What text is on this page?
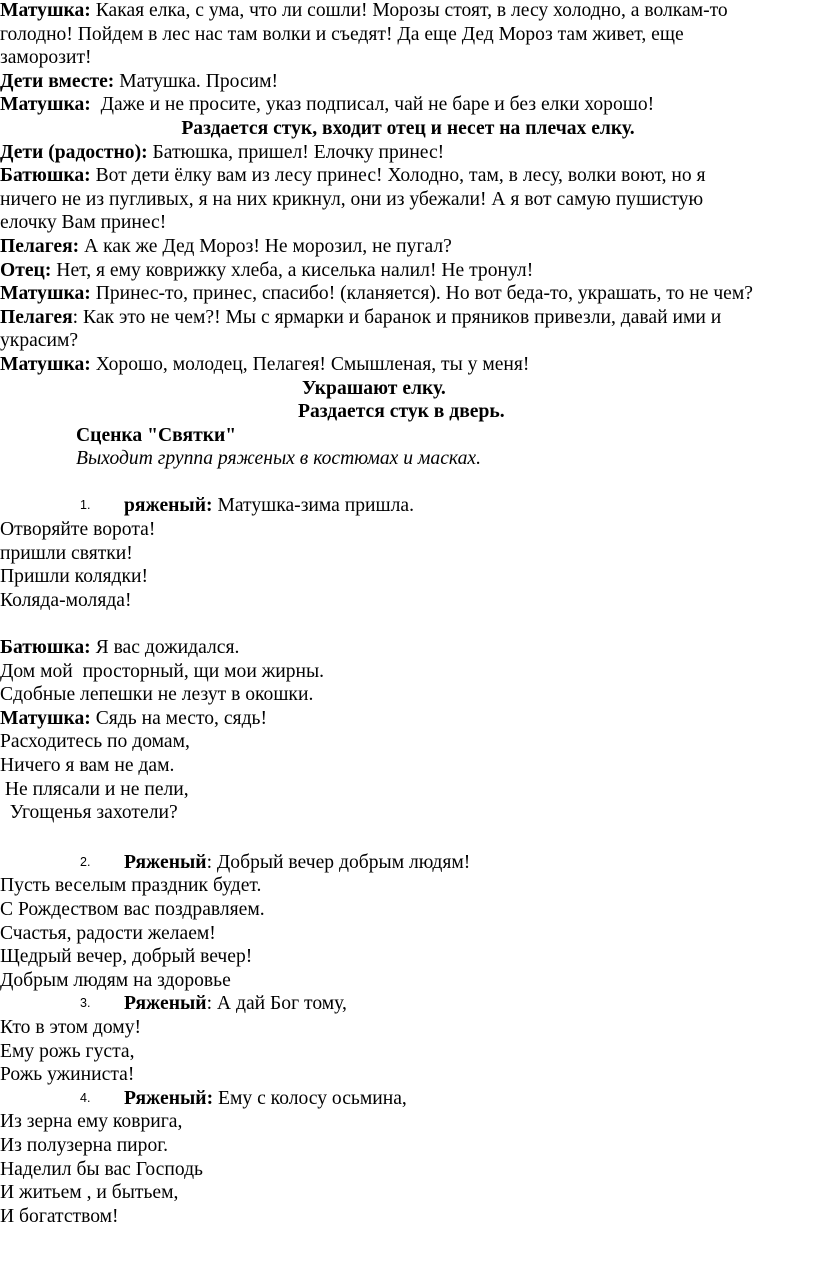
Матушка: Какая елка, с ума, что ли сошли! Морозы стоят, в лесу холодно, а волкам-то
голодно! Пойдем в лес нас там волки и съедят! Да еще Дед Мороз там живет, еще
заморозит!
Дети вместе: Матушка. Просим!
Матушка:  Даже и не просите, указ подписал, чай не баре и без елки хорошо!
Раздается стук, входит отец и несет на плечах елку.
Дети (радостно): Батюшка, пришел! Елочку принес!
Батюшка: Вот дети ёлку вам из лесу принес! Холодно, там, в лесу, волки воют, но я
ничего не из пугливых, я на них крикнул, они из убежали! А я вот самую пушистую
елочку Вам принес!
Пелагея: А как же Дед Мороз! Не морозил, не пугал?
Отец: Нет, я ему коврижку хлеба, а киселька налил! Не тронул!
Матушка: Принес-то, принес, спасибо! (кланяется). Но вот беда-то, украшать, то не чем?
Пелагея: Как это не чем?! Мы с ярмарки и баранок и пряников привезли, давай ими и
украсим?
Матушка: Хорошо, молодец, Пелагея! Смышленая, ты у меня!
Украшают елку.
Раздается стук в дверь.
Сценка "Святки"
Выходит группа ряженых в костюмах и масках.
1. ряженый: Матушка-зима пришла.
Отворяйте ворота!
пришли святки!
Пришли колядки!
Коляда-моляда!
Батюшка: Я вас дожидался.
Дом мой  просторный, щи мои жирны.
Сдобные лепешки не лезут в окошки.
Матушка: Сядь на место, сядь!
Расходитесь по домам,
Ничего я вам не дам.
Не плясали и не пели,
Угощенья захотели?
2. Ряженый: Добрый вечер добрым людям!
Пусть веселым праздник будет.
С Рождеством вас поздравляем.
Счастья, радости желаем!
Щедрый вечер, добрый вечер!
Добрым людям на здоровье
3. Ряженый: А дай Бог тому,
Кто в этом дому!
Ему рожь густа,
Рожь ужиниста!
4. Ряженый: Ему с колосу осьмина,
Из зерна ему коврига,
Из полузерна пирог.
Наделил бы вас Господь
И житьем , и бытьем,
И богатством!
